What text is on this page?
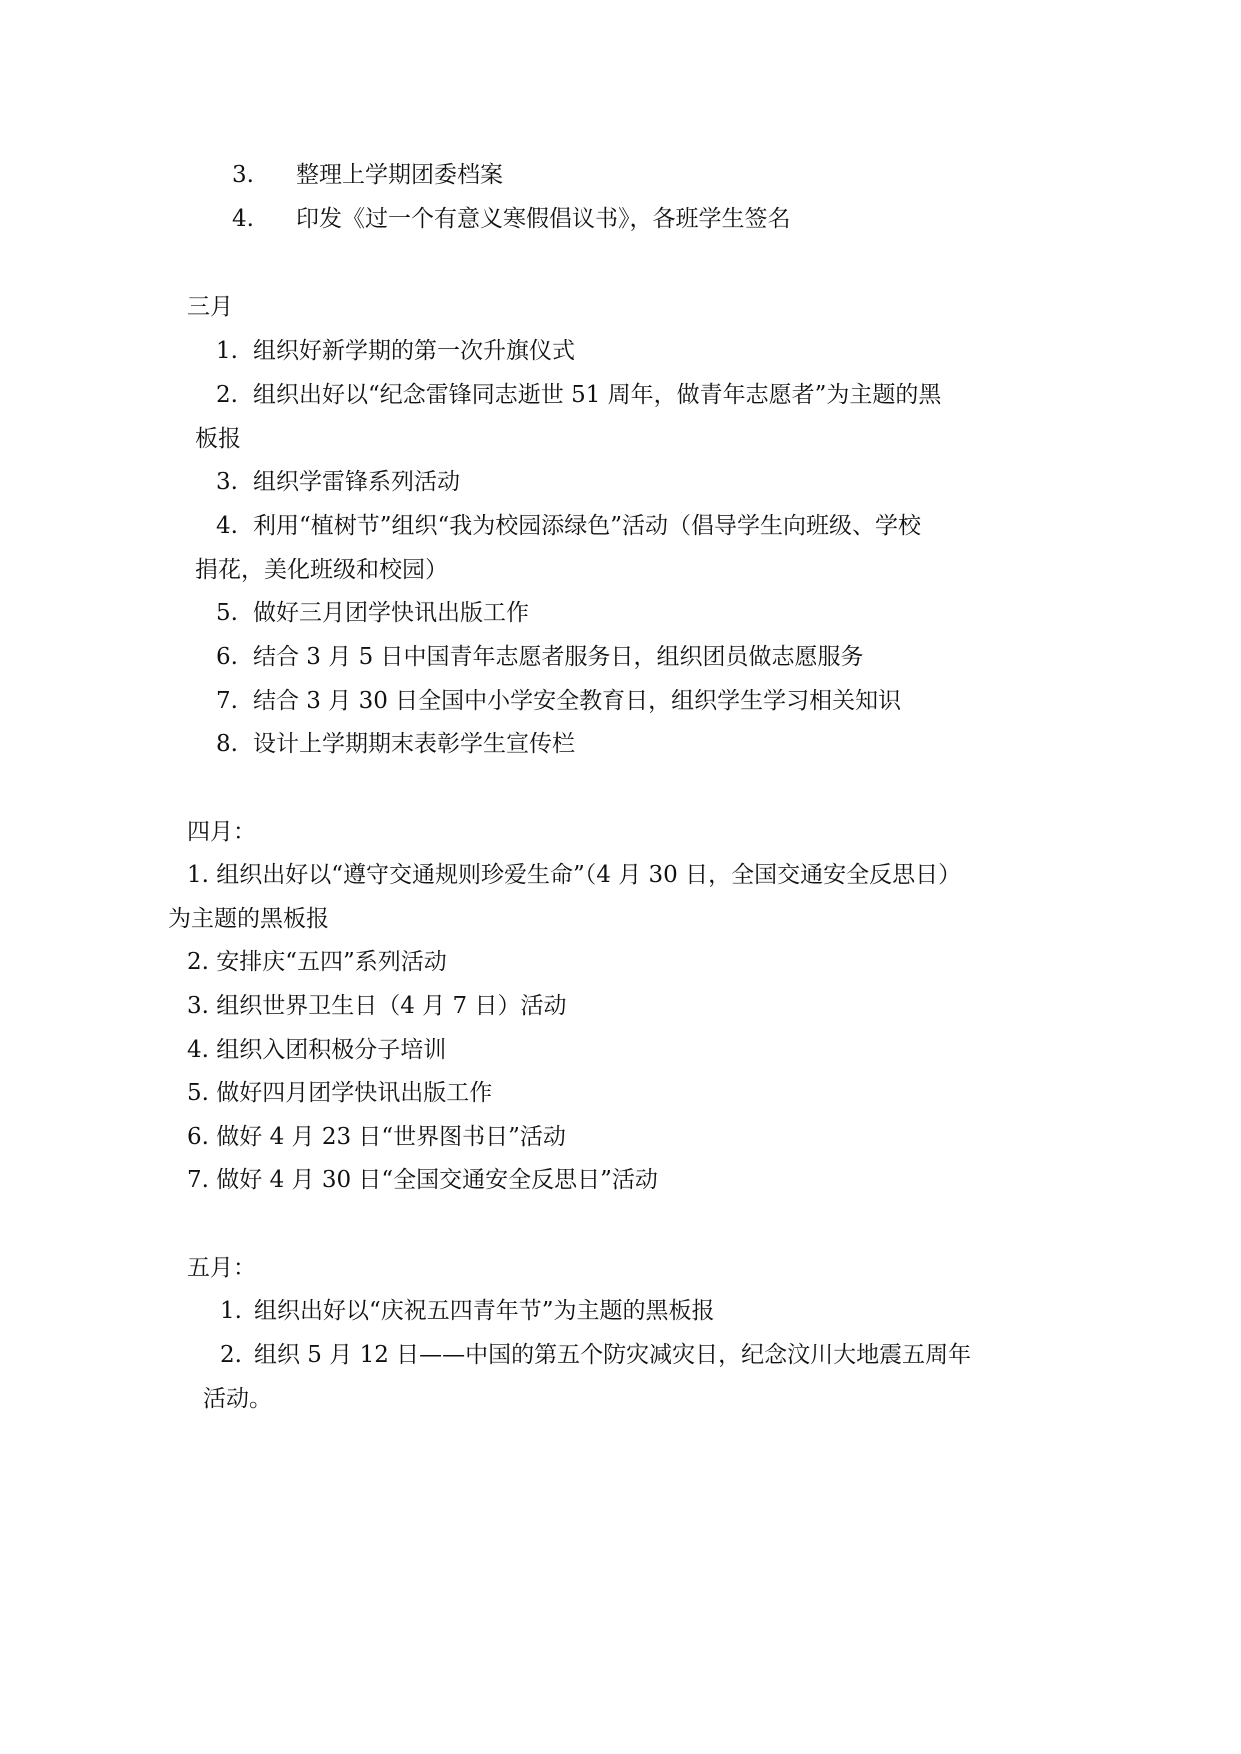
3. 整理上学期团委档案
4. 印发《过一个有意义寒假倡议书》，各班学生签名
三月
1. 组织好新学期的第一次升旗仪式
2. 组织出好以“纪念雷锋同志逝世 51 周年，做青年志愿者”为主题的黑
板报
3. 组织学雷锋系列活动
4. 利用“植树节”组织“我为校园添绿色”活动（倡导学生向班级、学校
捐花，美化班级和校园）
5. 做好三月团学快讯出版工作
6. 结合 3 月 5 日中国青年志愿者服务日，组织团员做志愿服务
7. 结合 3 月 30 日全国中小学安全教育日，组织学生学习相关知识
8. 设计上学期期末表彰学生宣传栏
四月：
1. 组织出好以“遵守交通规则珍爱生命”（4 月 30 日，全国交通安全反思日）
为主题的黑板报
2. 安排庆“五四”系列活动
3. 组织世界卫生日（4 月 7 日）活动
4. 组织入团积极分子培训
5. 做好四月团学快讯出版工作
6. 做好 4 月 23 日“世界图书日”活动
7. 做好 4 月 30 日“全国交通安全反思日”活动
五月：
1. 组织出好以“庆祝五四青年节”为主题的黑板报
2. 组织 5 月 12 日——中国的第五个防灾减灾日，纪念汶川大地震五周年
活动。
